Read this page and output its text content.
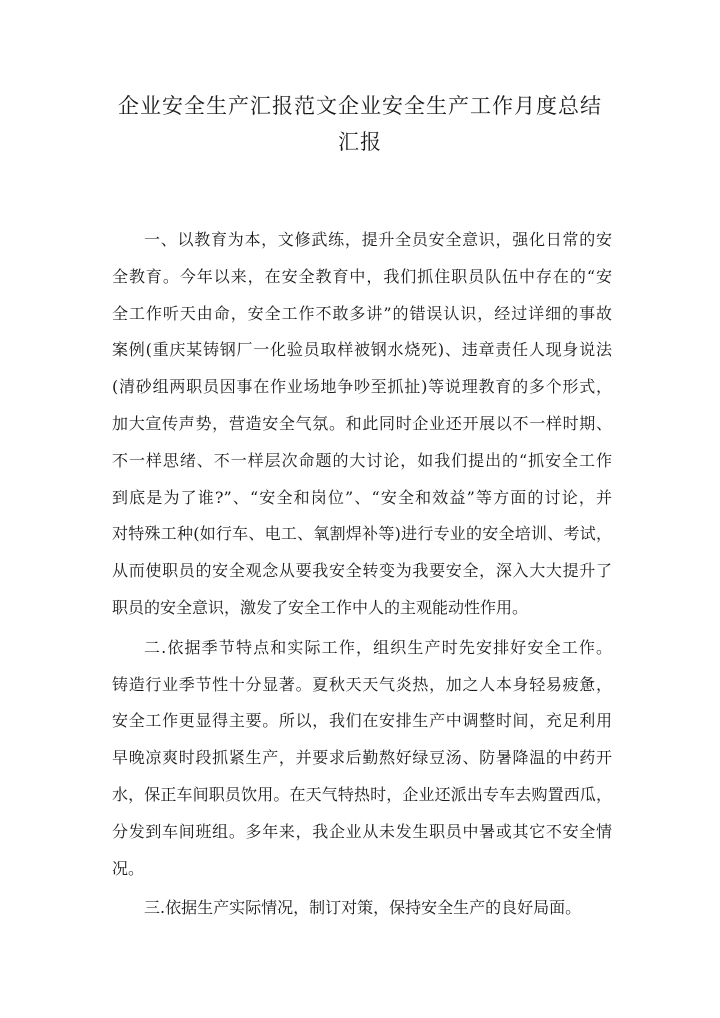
企业安全生产汇报范文企业安全生产工作月度总结
汇报
一、以教育为本，文修武练，提升全员安全意识，强化日常的安
全教育。今年以来，在安全教育中，我们抓住职员队伍中存在的“安
全工作听天由命，安全工作不敢多讲”的错误认识，经过详细的事故
案例(重庆某铸钢厂一化验员取样被钢水烧死)、违章责任人现身说法
(清砂组两职员因事在作业场地争吵至抓扯)等说理教育的多个形式，
加大宣传声势，营造安全气氛。和此同时企业还开展以不一样时期、
不一样思绪、不一样层次命题的大讨论，如我们提出的“抓安全工作
到底是为了谁?”、“安全和岗位”、“安全和效益”等方面的讨论，并
对特殊工种(如行车、电工、氧割焊补等)进行专业的安全培训、考试，
从而使职员的安全观念从要我安全转变为我要安全，深入大大提升了
职员的安全意识，激发了安全工作中人的主观能动性作用。
二.依据季节特点和实际工作，组织生产时先安排好安全工作。
铸造行业季节性十分显著。夏秋天天气炎热，加之人本身轻易疲惫，
安全工作更显得主要。所以，我们在安排生产中调整时间，充足利用
早晚凉爽时段抓紧生产，并要求后勤熬好绿豆汤、防暑降温的中药开
水，保正车间职员饮用。在天气特热时，企业还派出专车去购置西瓜，
分发到车间班组。多年来，我企业从未发生职员中暑或其它不安全情
况。
三.依据生产实际情况，制订对策，保持安全生产的良好局面。
